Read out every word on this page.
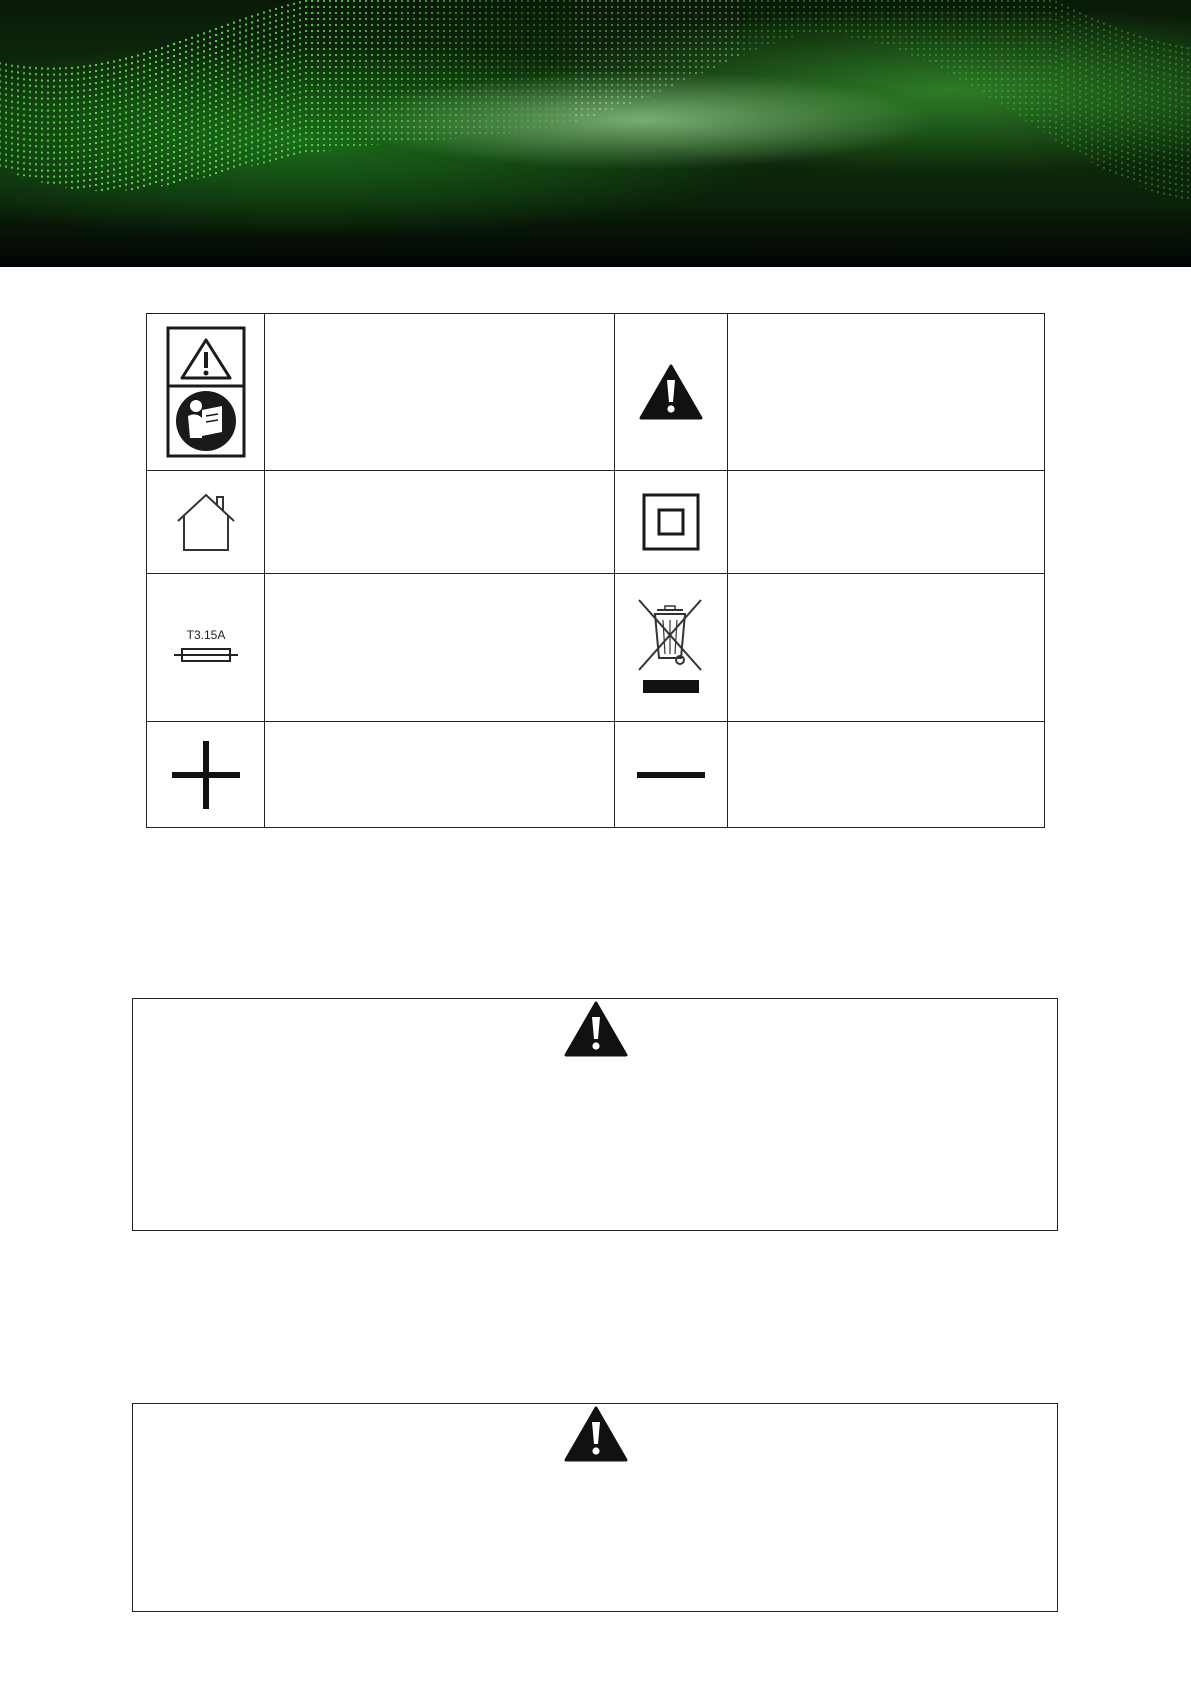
T3.15A
